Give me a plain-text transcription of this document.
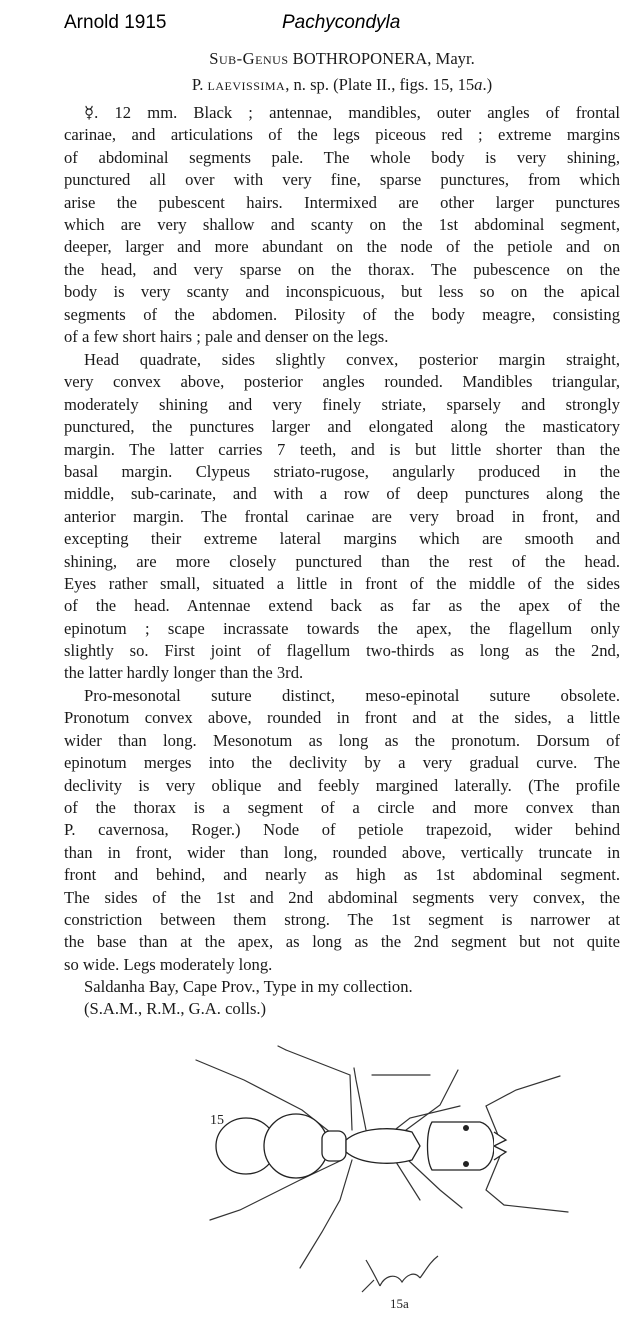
Arnold 1915	Pachycondyla
Sub-Genus BOTHROPONERA, Mayr.
P. laevissima, n. sp. (Plate II., figs. 15, 15a.)
☿. 12 mm. Black ; antennae, mandibles, outer angles of frontal
carinae, and articulations of the legs piceous red ; extreme margins
of abdominal segments pale. The whole body is very shining,
punctured all over with very fine, sparse punctures, from which
arise the pubescent hairs. Intermixed are other larger punctures
which are very shallow and scanty on the 1st abdominal segment,
deeper, larger and more abundant on the node of the petiole and on
the head, and very sparse on the thorax. The pubescence on the
body is very scanty and inconspicuous, but less so on the apical
segments of the abdomen. Pilosity of the body meagre, consisting
of a few short hairs ; pale and denser on the legs.
Head quadrate, sides slightly convex, posterior margin straight,
very convex above, posterior angles rounded. Mandibles triangular,
moderately shining and very finely striate, sparsely and strongly
punctured, the punctures larger and elongated along the masticatory
margin. The latter carries 7 teeth, and is but little shorter than the
basal margin. Clypeus striato-rugose, angularly produced in the
middle, sub-carinate, and with a row of deep punctures along the
anterior margin. The frontal carinae are very broad in front, and
excepting their extreme lateral margins which are smooth and
shining, are more closely punctured than the rest of the head.
Eyes rather small, situated a little in front of the middle of the sides
of the head. Antennae extend back as far as the apex of the
epinotum ; scape incrassate towards the apex, the flagellum only
slightly so. First joint of flagellum two-thirds as long as the 2nd,
the latter hardly longer than the 3rd.
Pro-mesonotal suture distinct, meso-epinotal suture obsolete.
Pronotum convex above, rounded in front and at the sides, a little
wider than long. Mesonotum as long as the pronotum. Dorsum of
epinotum merges into the declivity by a very gradual curve. The
declivity is very oblique and feebly margined laterally. (The profile
of the thorax is a segment of a circle and more convex than
P. cavernosa, Roger.) Node of petiole trapezoid, wider behind
than in front, wider than long, rounded above, vertically truncate in
front and behind, and nearly as high as 1st abdominal segment.
The sides of the 1st and 2nd abdominal segments very convex, the
constriction between them strong. The 1st segment is narrower at
the base than at the apex, as long as the 2nd segment but not quite
so wide. Legs moderately long.
Saldanha Bay, Cape Prov., Type in my collection.
(S.A.M., R.M., G.A. colls.)
15
15a
